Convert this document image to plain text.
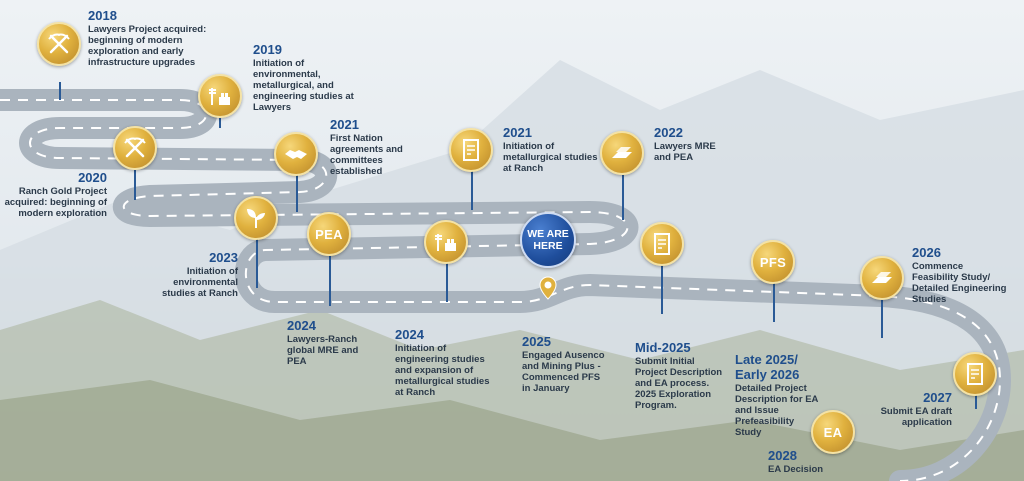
PEA	WE ARE HERE
PFS
EA
2018
Lawyers Project acquired: beginning of modern exploration and early infrastructure upgrades
2019
Initiation of environmental, metallurgical, and engineering studies at Lawyers
2020
Ranch Gold Project acquired: beginning of modern exploration
2021
First Nation agreements and committees established
2021
Initiation of metallurgical studies at Ranch
2022
Lawyers MRE and PEA
2023
Initiation of environmental studies at Ranch
2024
Lawyers-Ranch global MRE and PEA
2024
Initiation of engineering studies and expansion of metallurgical studies at Ranch
2025
Engaged Ausenco and Mining Plus - Commenced PFS in January
Mid-2025
Submit Initial Project Description and EA process. 2025 Exploration Program.
Late 2025/ Early 2026
Detailed Project Description for EA and Issue Prefeasibility Study
2026
Commence Feasibility Study/ Detailed Engineering Studies
2027
Submit EA draft application
2028
EA Decision
